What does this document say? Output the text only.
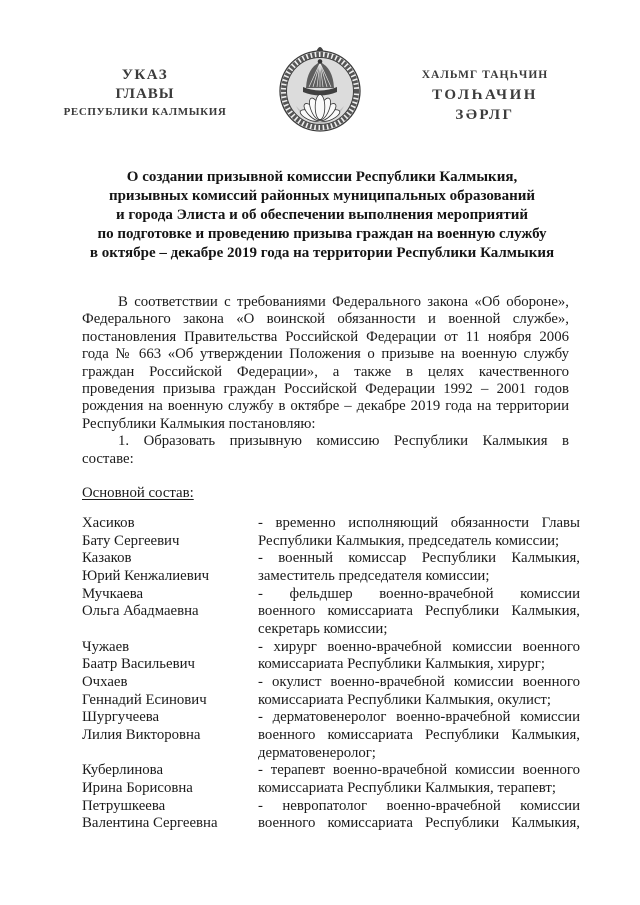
УКАЗ
ГЛАВЫ
РЕСПУБЛИКИ КАЛМЫКИЯ
ХАЛЬМГ ТАҢҺЧИН
ТОЛҺАЧИН
ЗӘРЛГ
О создании призывной комиссии Республики Калмыкия,
призывных комиссий районных муниципальных образований
и города Элиста и об обеспечении выполнения мероприятий
по подготовке и проведению призыва граждан на военную службу
в октябре – декабре 2019 года на территории Республики Калмыкия
В соответствии с требованиями Федерального закона «Об обороне»,
Федерального закона «О воинской обязанности и военной службе»,
постановления Правительства Российской Федерации от 11 ноября 2006
года № 663 «Об утверждении Положения о призыве на военную службу
граждан Российской Федерации», а также в целях качественного
проведения призыва граждан Российской Федерации 1992 – 2001 годов
рождения на военную службу в октябре – декабре 2019 года на территории
Республики Калмыкия постановляю:
1. Образовать призывную комиссию Республики Калмыкия в
составе:
Основной состав:
Хасиков
Бату Сергеевич
- временно исполняющий обязанности Главы
Республики Калмыкия, председатель комиссии;
Казаков
Юрий Кенжалиевич
- военный комиссар Республики Калмыкия,
заместитель председателя комиссии;
Мучкаева
Ольга Абадмаевна
- фельдшер военно-врачебной комиссии
военного комиссариата Республики Калмыкия,
секретарь комиссии;
Чужаев
Баатр Васильевич
- хирург военно-врачебной комиссии военного
комиссариата Республики Калмыкия, хирург;
Очхаев
Геннадий Есинович
- окулист военно-врачебной комиссии военного
комиссариата Республики Калмыкия, окулист;
Шургучеева
Лилия Викторовна
- дерматовенеролог военно-врачебной комиссии
военного комиссариата Республики Калмыкия,
дерматовенеролог;
Куберлинова
Ирина Борисовна
- терапевт военно-врачебной комиссии военного
комиссариата Республики Калмыкия, терапевт;
Петрушкеева
Валентина Сергеевна
- невропатолог военно-врачебной комиссии
военного комиссариата Республики Калмыкия,
